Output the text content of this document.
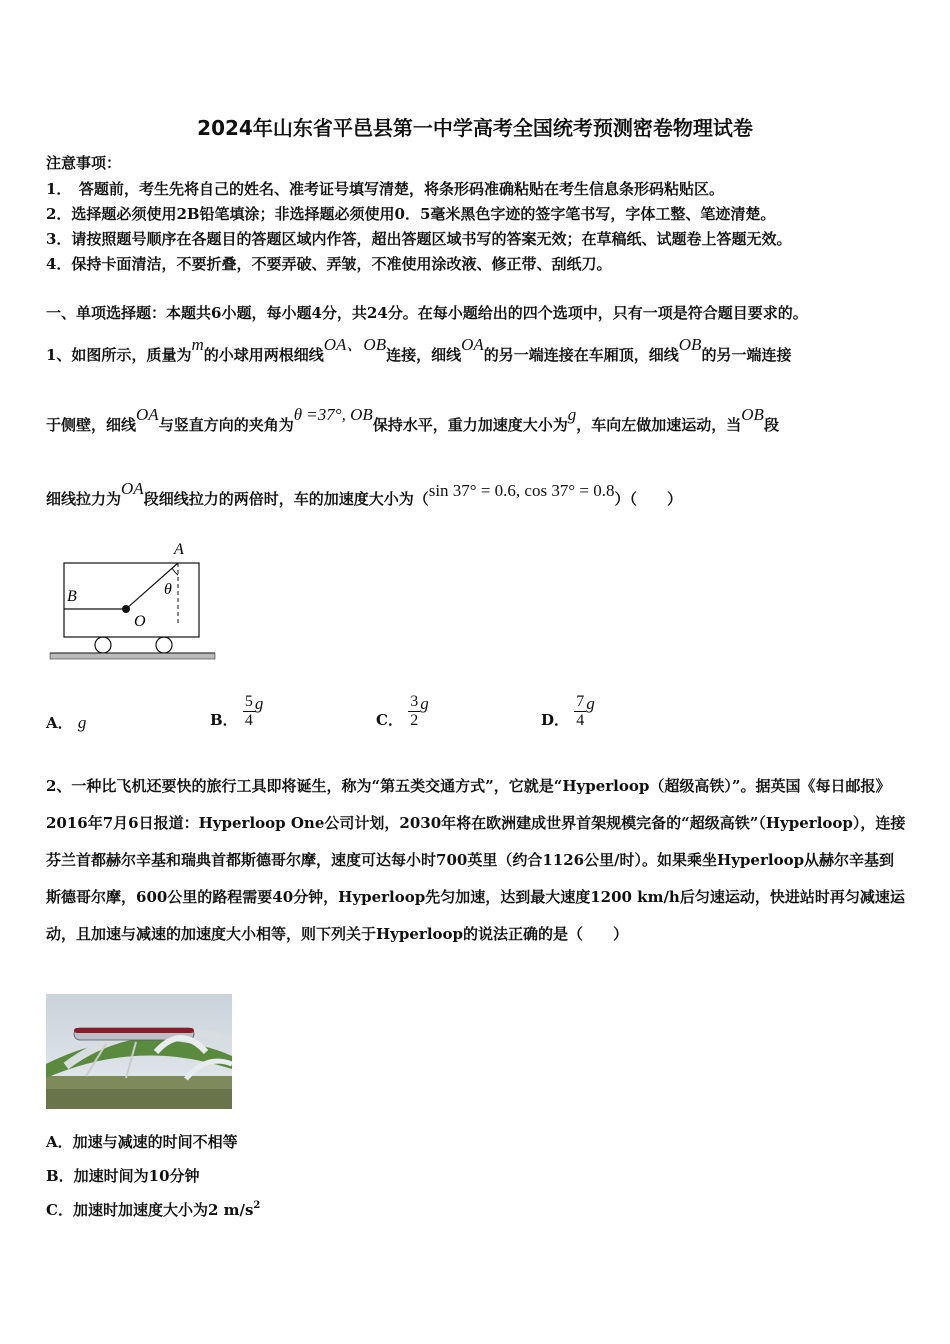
2024年山东省平邑县第一中学高考全国统考预测密卷物理试卷
注意事项：
1．　答题前，考生先将自己的姓名、准考证号填写清楚，将条形码准确粘贴在考生信息条形码粘贴区。
2．选择题必须使用2B铅笔填涂；非选择题必须使用0．5毫米黑色字迹的签字笔书写，字体工整、笔迹清楚。
3．请按照题号顺序在各题目的答题区域内作答，超出答题区域书写的答案无效；在草稿纸、试题卷上答题无效。
4．保持卡面清洁，不要折叠，不要弄破、弄皱，不准使用涂改液、修正带、刮纸刀。
一、单项选择题：本题共6小题，每小题4分，共24分。在每小题给出的四个选项中，只有一项是符合题目要求的。
1、如图所示，质量为m的小球用两根细线OA、OB连接，细线OA的另一端连接在车厢顶，细线OB的另一端连接
于侧壁，细线OA与竖直方向的夹角为θ =37°, OB保持水平，重力加速度大小为g，车向左做加速运动，当OB段
细线拉力为OA段细线拉力的两倍时，车的加速度大小为（sin 37° = 0.6, cos 37° = 0.8）（　　）
A
B
O
θ
A． g	B． $\frac{5}{4}$ g
C． $\frac{3}{2}$ g
D． $\frac{7}{4}$ g
2、一种比飞机还要快的旅行工具即将诞生，称为“第五类交通方式”，它就是“Hyperloop（超级高铁）”。据英国《每日邮报》2016年7月6日报道：Hyperloop One公司计划，2030年将在欧洲建成世界首架规模完备的“超级高铁”（Hyperloop），连接芬兰首都赫尔辛基和瑞典首都斯德哥尔摩，速度可达每小时700英里（约合1126公里/时）。如果乘坐Hyperloop从赫尔辛基到斯德哥尔摩，600公里的路程需要40分钟，Hyperloop先匀加速，达到最大速度1200 km/h后匀速运动，快进站时再匀减速运动，且加速与减速的加速度大小相等，则下列关于Hyperloop的说法正确的是（　　）
A．加速与减速的时间不相等
B．加速时间为10分钟
C．加速时加速度大小为2 $m/s^2$
